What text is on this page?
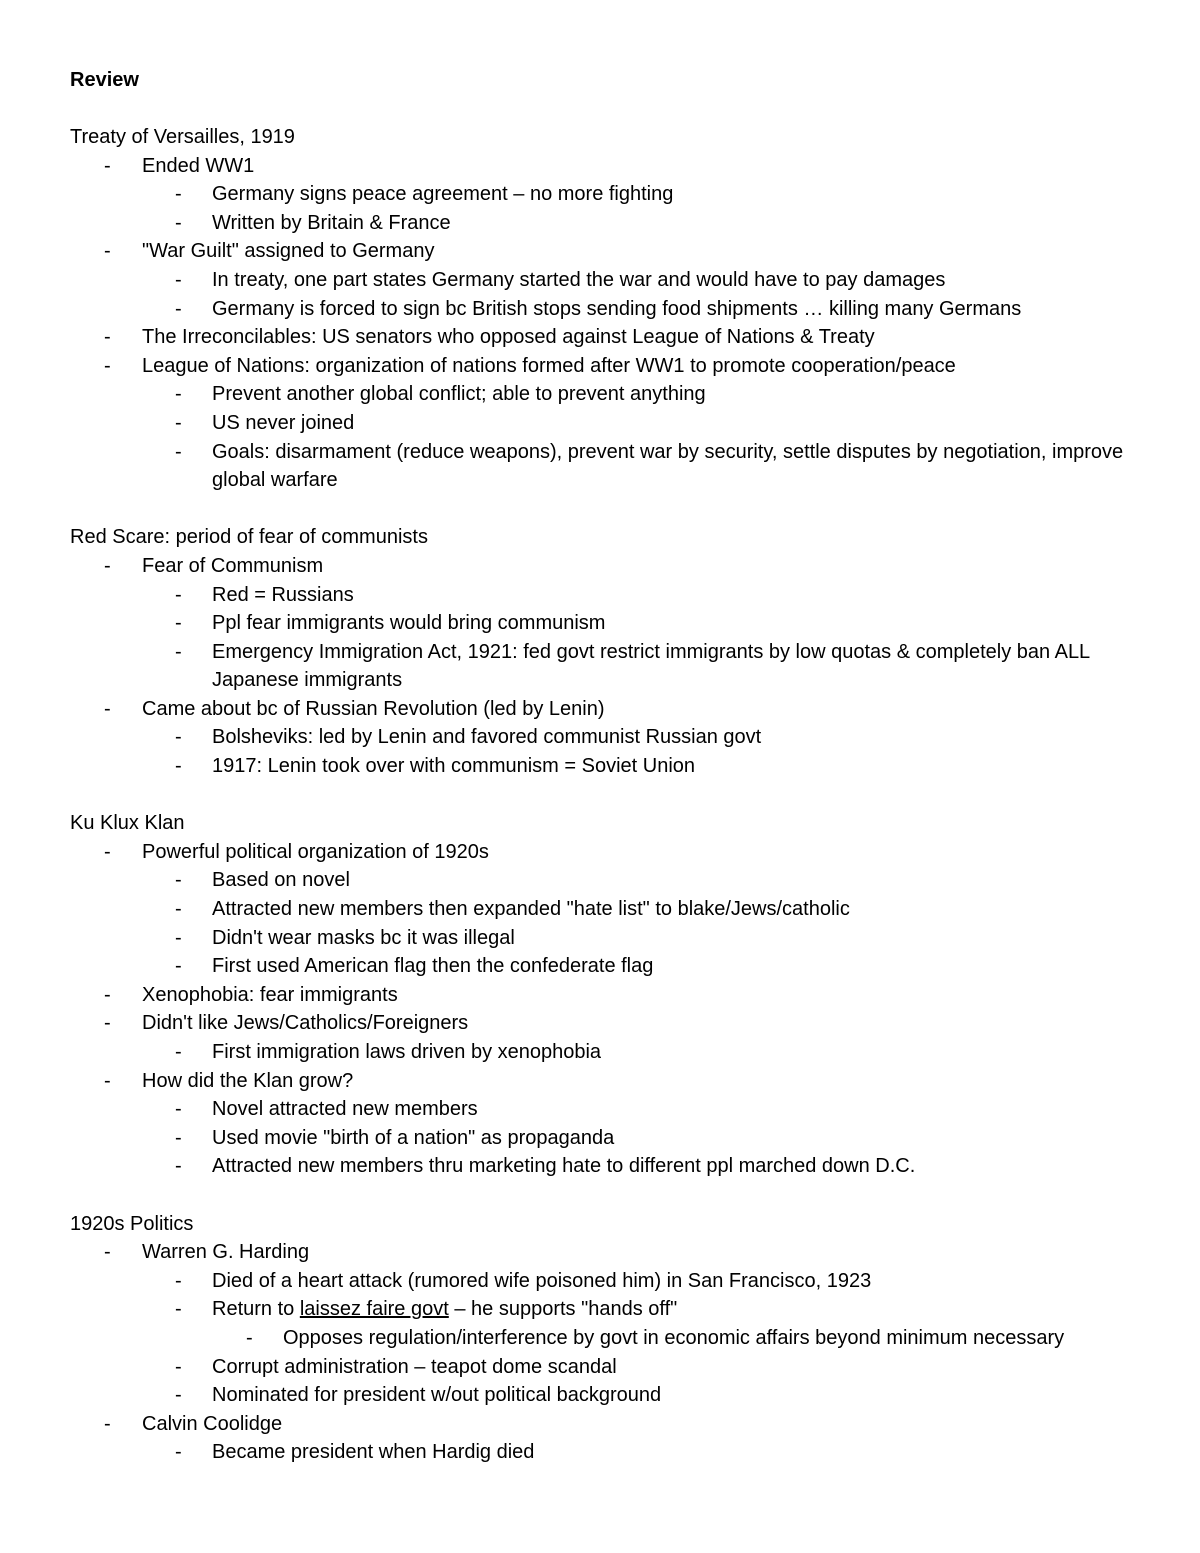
Review
Treaty of Versailles, 1919
- Ended WW1
- Germany signs peace agreement – no more fighting
- Written by Britain & France
- "War Guilt" assigned to Germany
- In treaty, one part states Germany started the war and would have to pay damages
- Germany is forced to sign bc British stops sending food shipments … killing many Germans
- The Irreconcilables: US senators who opposed against League of Nations & Treaty
- League of Nations: organization of nations formed after WW1 to promote cooperation/peace
- Prevent another global conflict; able to prevent anything
- US never joined
- Goals: disarmament (reduce weapons), prevent war by security, settle disputes by negotiation, improve global warfare
Red Scare: period of fear of communists
- Fear of Communism
- Red = Russians
- Ppl fear immigrants would bring communism
- Emergency Immigration Act, 1921: fed govt restrict immigrants by low quotas & completely ban ALL Japanese immigrants
- Came about bc of Russian Revolution (led by Lenin)
- Bolsheviks: led by Lenin and favored communist Russian govt
- 1917: Lenin took over with communism = Soviet Union
Ku Klux Klan
- Powerful political organization of 1920s
- Based on novel
- Attracted new members then expanded "hate list" to blake/Jews/catholic
- Didn't wear masks bc it was illegal
- First used American flag then the confederate flag
- Xenophobia: fear immigrants
- Didn't like Jews/Catholics/Foreigners
- First immigration laws driven by xenophobia
- How did the Klan grow?
- Novel attracted new members
- Used movie "birth of a nation" as propaganda
- Attracted new members thru marketing hate to different ppl marched down D.C.
1920s Politics
- Warren G. Harding
- Died of a heart attack (rumored wife poisoned him) in San Francisco, 1923
- Return to laissez faire govt – he supports "hands off"
- Opposes regulation/interference by govt in economic affairs beyond minimum necessary
- Corrupt administration – teapot dome scandal
- Nominated for president w/out political background
- Calvin Coolidge
- Became president when Hardig died
